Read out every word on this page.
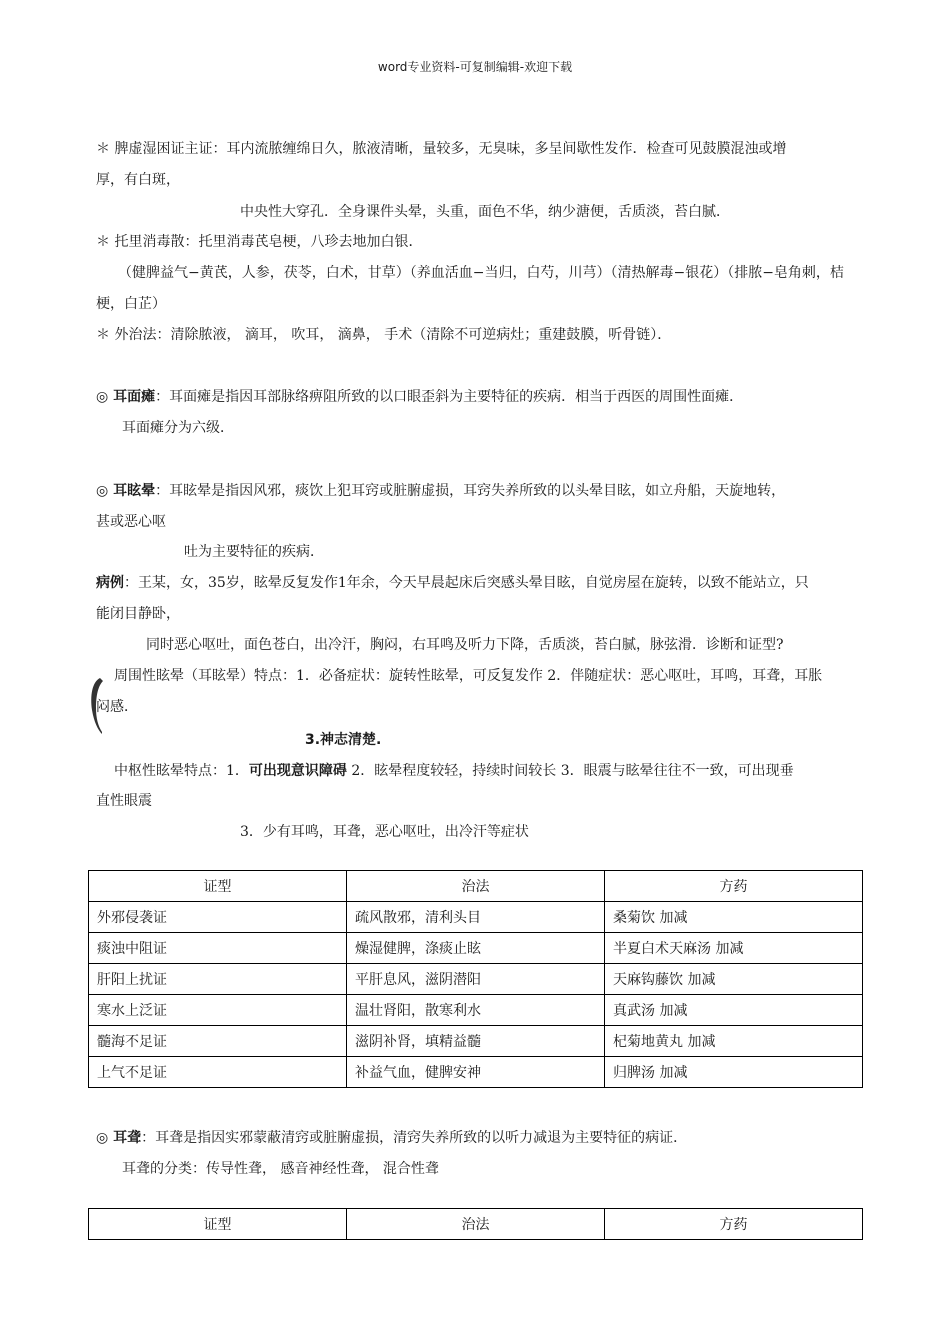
word专业资料-可复制编辑-欢迎下载
＊ 脾虚湿困证主证：耳内流脓缠绵日久，脓液清晰，量较多，无臭味，多呈间歇性发作．检查可见鼓膜混浊或增
厚，有白斑，
中央性大穿孔．全身课件头晕，头重，面色不华，纳少溏便，舌质淡，苔白腻．
＊ 托里消毒散：托里消毒芪皂梗，八珍去地加白银．
（健脾益气−黄芪，人参，茯苓，白术，甘草）（养血活血−当归，白芍，川芎）（清热解毒−银花）（排脓−皂角刺，桔
梗，白芷）
＊ 外治法：清除脓液， 滴耳， 吹耳， 滴鼻， 手术（清除不可逆病灶；重建鼓膜，听骨链）．
◎ 耳面瘫：耳面瘫是指因耳部脉络痹阻所致的以口眼歪斜为主要特征的疾病．相当于西医的周围性面瘫．
耳面瘫分为六级．
◎ 耳眩晕：耳眩晕是指因风邪，痰饮上犯耳窍或脏腑虚损，耳窍失养所致的以头晕目眩，如立舟船，天旋地转，
甚或恶心呕
吐为主要特征的疾病．
病例：王某，女，35岁，眩晕反复发作1年余，今天早晨起床后突感头晕目眩，自觉房屋在旋转，以致不能站立，只
能闭目静卧，
同时恶心呕吐，面色苍白，出冷汗，胸闷，右耳鸣及听力下降，舌质淡，苔白腻，脉弦滑．诊断和证型?
周围性眩晕（耳眩晕）特点：1．必备症状：旋转性眩晕，可反复发作 2．伴随症状：恶心呕吐，耳鸣，耳聋，耳胀
闷感．
3.神志清楚.
中枢性眩晕特点：1．可出现意识障碍 2．眩晕程度较轻，持续时间较长 3．眼震与眩晕往往不一致，可出现垂
直性眼震
3．少有耳鸣，耳聋，恶心呕吐，出冷汗等症状
证型	治法	方药
外邪侵袭证	疏风散邪，清利头目	桑菊饮 加减
痰浊中阻证	燥湿健脾，涤痰止眩	半夏白术天麻汤 加减
肝阳上扰证	平肝息风，滋阴潜阳	天麻钩藤饮 加减
寒水上泛证	温壮肾阳，散寒利水	真武汤 加减
髓海不足证	滋阴补肾，填精益髓	杞菊地黄丸 加减
上气不足证	补益气血，健脾安神	归脾汤 加减
◎ 耳聋：耳聋是指因实邪蒙蔽清窍或脏腑虚损，清窍失养所致的以听力减退为主要特征的病证．
耳聋的分类：传导性聋， 感音神经性聋， 混合性聋
证型	治法	方药
